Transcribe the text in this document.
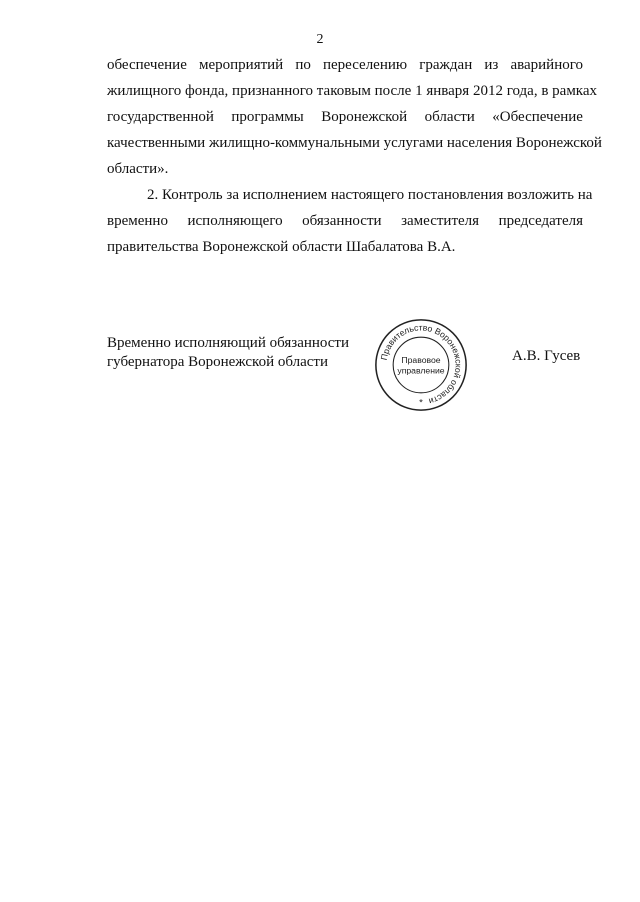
2
обеспечение мероприятий по переселению граждан из аварийного
жилищного фонда, признанного таковым после 1 января 2012 года, в рамках
государственной программы Воронежской области «Обеспечение
качественными жилищно-коммунальными услугами населения Воронежской
области».
2. Контроль за исполнением настоящего постановления возложить на
временно исполняющего обязанности заместителя председателя
правительства Воронежской области Шабалатова В.А.
Временно исполняющий обязанности
губернатора Воронежской области	Правительство Воронежской области
Правовое
управление
*
А.В. Гусев
